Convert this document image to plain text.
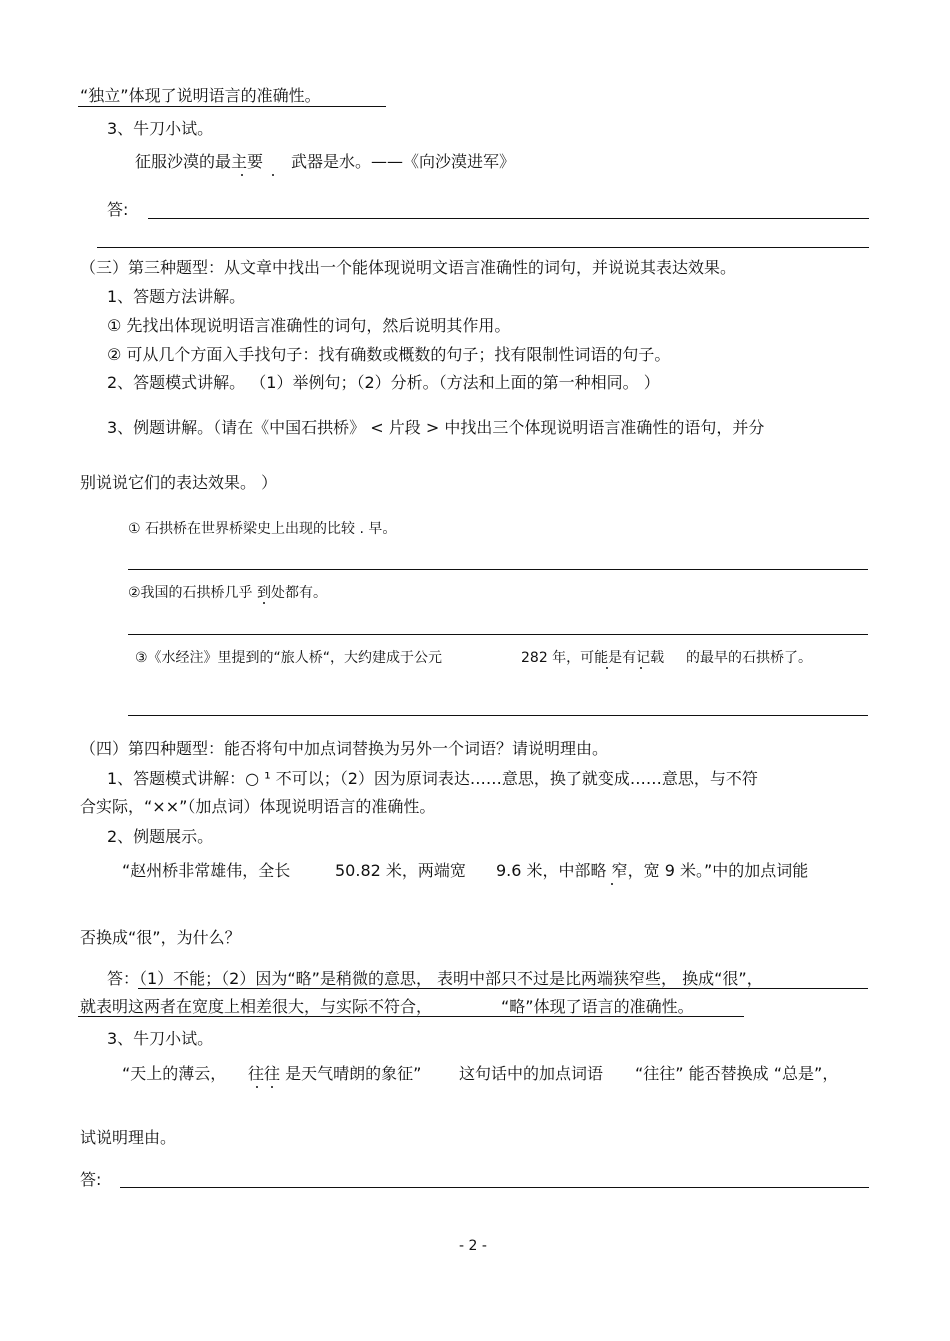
“独立”体现了说明语言的准确性。
3、牛刀小试。
征服沙漠的最主要 武器是水。——《向沙漠进军》
答:
（三）第三种题型：从文章中找出一个能体现说明文语言准确性的词句，并说说其表达效果。
1、答题方法讲解。
① 先找出体现说明语言准确性的词句，然后说明其作用。
② 可从几个方面入手找句子：找有确数或概数的句子；找有限制性词语的句子。
2、答题模式讲解。 （1）举例句；（2）分析。（方法和上面的第一种相同。 ）
3、例题讲解。（请在《中国石拱桥》 < 片段 > 中找出三个体现说明语言准确性的语句，并分
别说说它们的表达效果。 ）
① 石拱桥在世界桥梁史上出现的比较 . 早。
②我国的石拱桥几乎 到处都有。
③《水经注》里提到的“旅人桥“，大约建成于公元	282 年，可能是有记载 的最早的石拱桥了。
（四）第四种题型：能否将句中加点词替换为另外一个词语？请说明理由。
1、答题模式讲解：○ ¹ 不可以；（2）因为原词表达……意思，换了就变成……意思，与不符
合实际，“××”（加点词）体现说明语言的准确性。
2、例题展示。
“赵州桥非常雄伟，全长	50.82 米，两端宽 9.6 米，中部略 窄，宽 9 米。”中的加点词能
否换成“很”，为什么？
答：（1）不能；（2）因为“略”是稍微的意思， 表明中部只不过是比两端狭窄些， 换成“很”，
就表明这两者在宽度上相差很大，与实际不符合，	“略”体现了语言的准确性。
3、牛刀小试。
“天上的薄云， 往往 是天气晴朗的象征” 这句话中的加点词语 “往往” 能否替换成 “总是”，
试说明理由。
答:
- 2 -
